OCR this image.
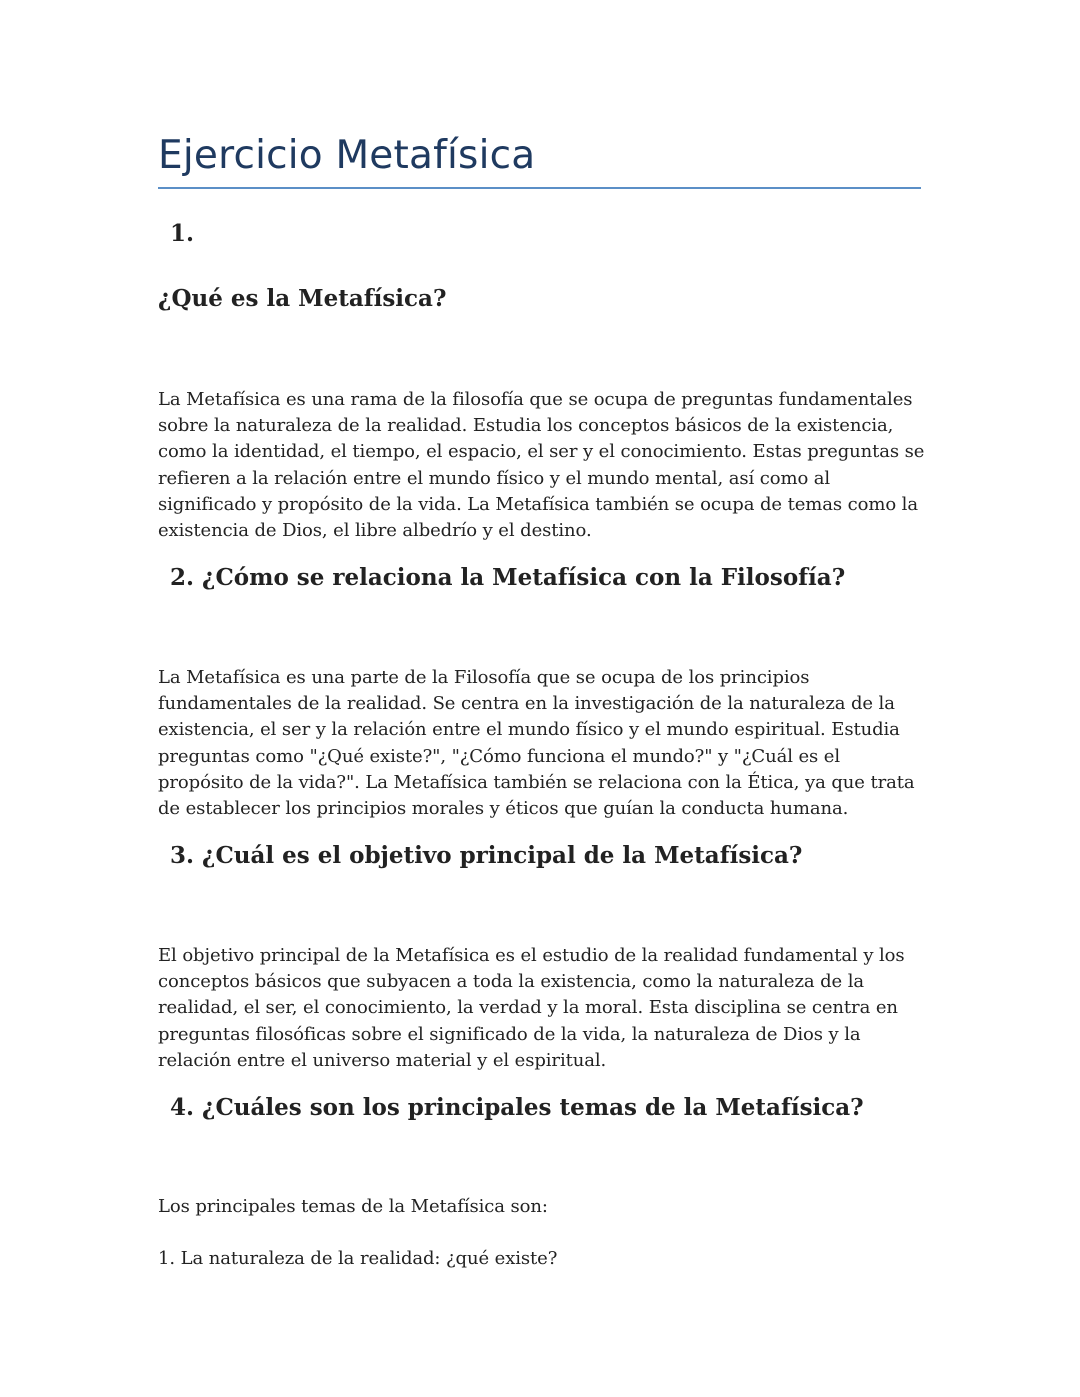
Ejercicio Metafísica
1.
¿Qué es la Metafísica?

La Metafísica es una rama de la filosofía que se ocupa de preguntas fundamentales sobre la naturaleza de la realidad. Estudia los conceptos básicos de la existencia, como la identidad, el tiempo, el espacio, el ser y el conocimiento. Estas preguntas se refieren a la relación entre el mundo físico y el mundo mental, así como al significado y propósito de la vida. La Metafísica también se ocupa de temas como la existencia de Dios, el libre albedrío y el destino.

2. ¿Cómo se relaciona la Metafísica con la Filosofía?

La Metafísica es una parte de la Filosofía que se ocupa de los principios fundamentales de la realidad. Se centra en la investigación de la naturaleza de la existencia, el ser y la relación entre el mundo físico y el mundo espiritual. Estudia preguntas como "¿Qué existe?", "¿Cómo funciona el mundo?" y "¿Cuál es el propósito de la vida?". La Metafísica también se relaciona con la Ética, ya que trata de establecer los principios morales y éticos que guían la conducta humana.

3. ¿Cuál es el objetivo principal de la Metafísica?

El objetivo principal de la Metafísica es el estudio de la realidad fundamental y los conceptos básicos que subyacen a toda la existencia, como la naturaleza de la realidad, el ser, el conocimiento, la verdad y la moral. Esta disciplina se centra en preguntas filosóficas sobre el significado de la vida, la naturaleza de Dios y la relación entre el universo material y el espiritual.

4. ¿Cuáles son los principales temas de la Metafísica?

Los principales temas de la Metafísica son:

1. La naturaleza de la realidad: ¿qué existe?
